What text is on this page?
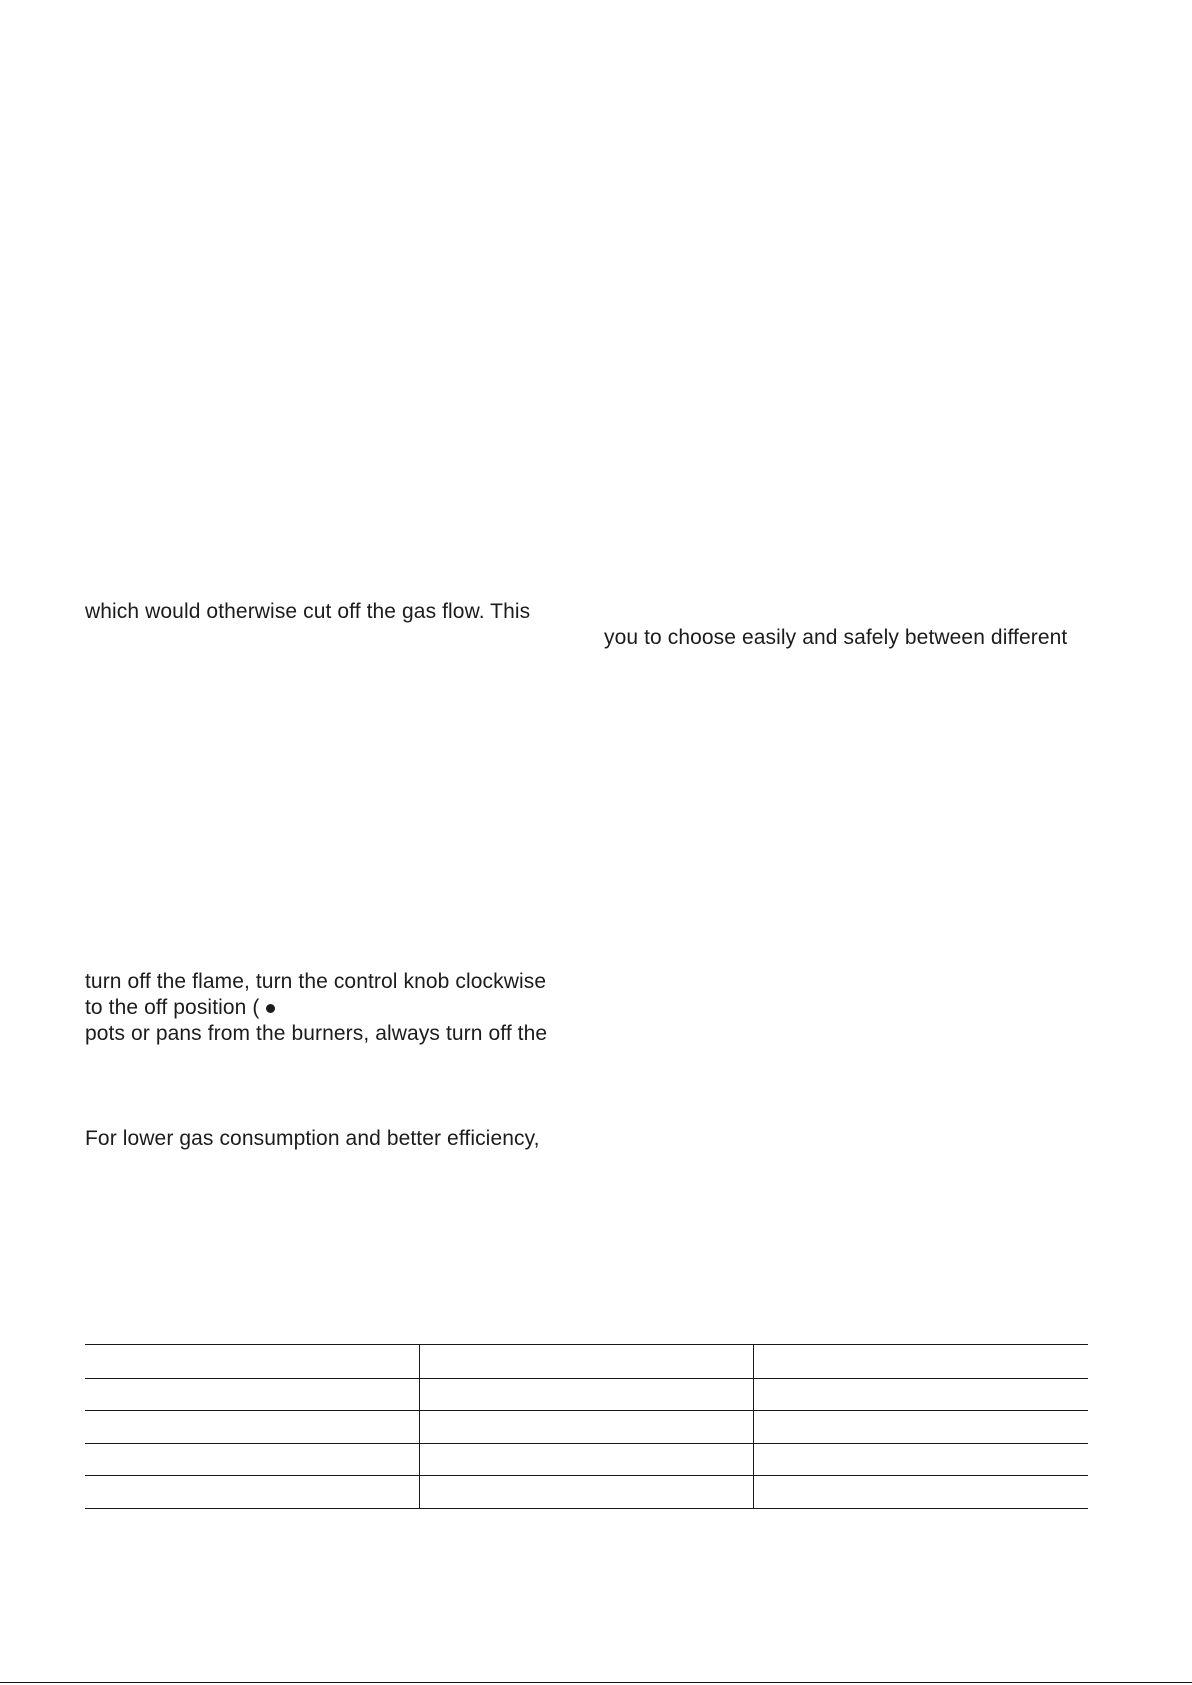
which would otherwise cut off the gas flow. This
you to choose easily and safely between different
turn off the flame, turn the control knob clockwise
to the off position (
pots or pans from the burners, always turn off the
For lower gas consumption and better efficiency,
